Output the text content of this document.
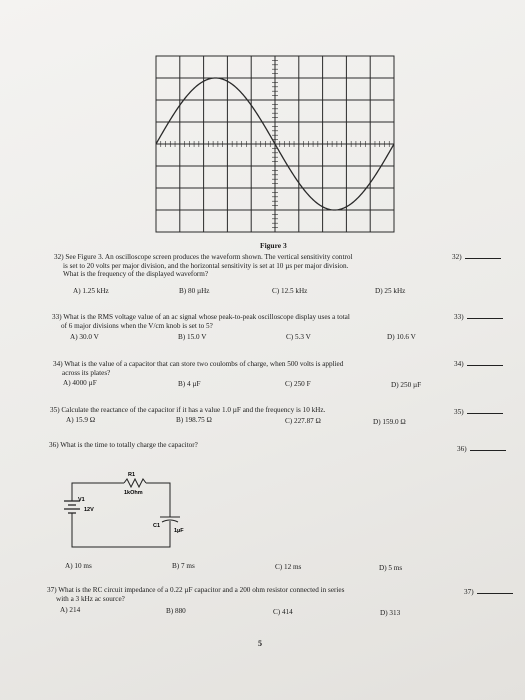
Figure 3
32) See Figure 3. An oscilloscope screen produces the waveform shown. The vertical sensitivity control
is set to 20 volts per major division, and the horizontal sensitivity is set at 10 µs per major division.
What is the frequency of the displayed waveform?
32)
A) 1.25 kHz	B) 80 µHz	C) 12.5 kHz	D) 25 kHz
33) What is the RMS voltage value of an ac signal whose peak-to-peak oscilloscope display uses a total
of 6 major divisions when the V/cm knob is set to 5?
33)
A) 30.0 V	B) 15.0 V	C) 5.3 V	D) 10.6 V
34) What is the value of a capacitor that can store two coulombs of charge, when 500 volts is applied
across its plates?
34)
A) 4000 µF	B) 4 µF	C) 250 F	D) 250 µF
35) Calculate the reactance of the capacitor if it has a value 1.0 µF and the frequency is 10 kHz.	35)
A) 15.9 Ω	B) 198.75 Ω	C) 227.87 Ω	D) 159.0 Ω
36) What is the time to totally charge the capacitor?	36)
R1
1kOhm
V1
12V
C1
1µF
A) 10 ms	B) 7 ms	C) 12 ms	D) 5 ms
37) What is the RC circuit impedance of a 0.22 µF capacitor and a 200 ohm resistor connected in series
with a 3 kHz ac source?
37)
A) 214	B) 880	C) 414	D) 313
5
